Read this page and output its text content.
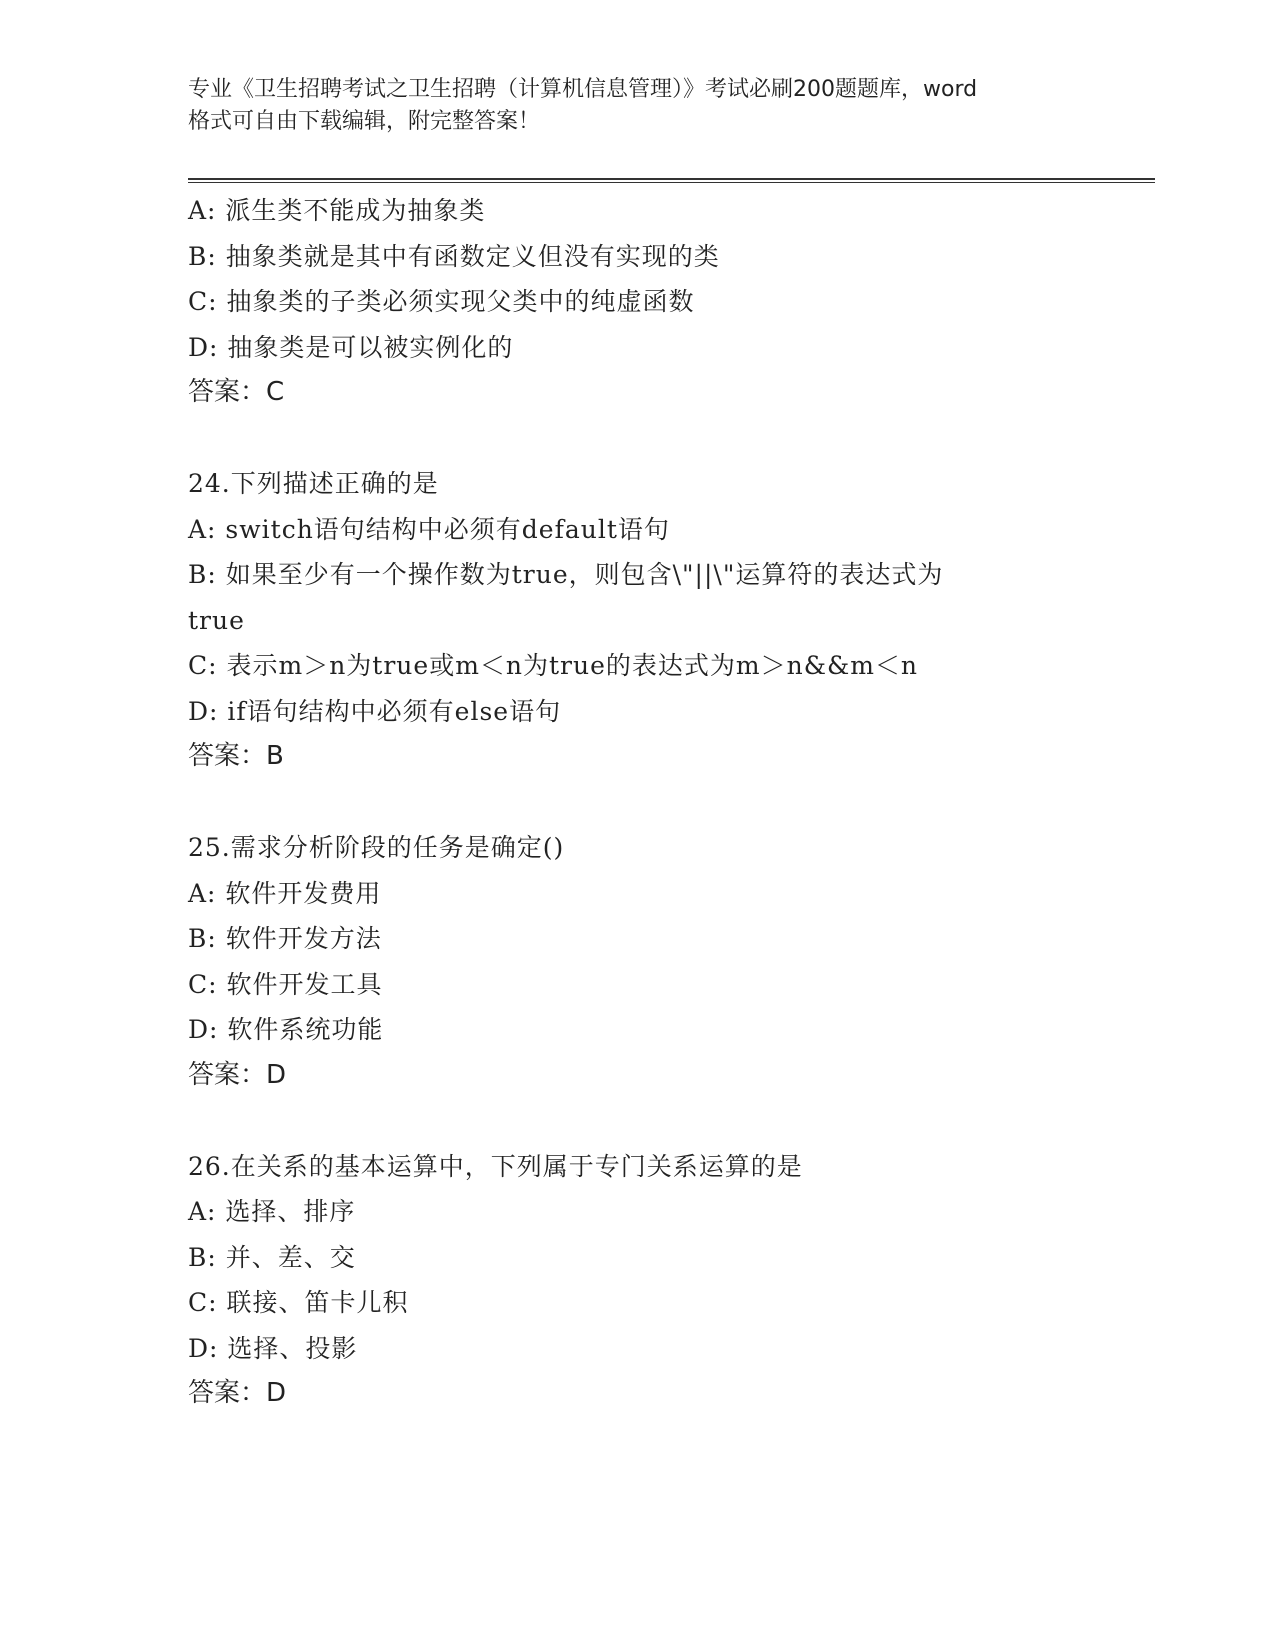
专业《卫生招聘考试之卫生招聘（计算机信息管理）》考试必刷200题题库，word
格式可自由下载编辑，附完整答案！
A: 派生类不能成为抽象类
B: 抽象类就是其中有函数定义但没有实现的类
C: 抽象类的子类必须实现父类中的纯虚函数
D: 抽象类是可以被实例化的
答案：C
24.下列描述正确的是
A: switch语句结构中必须有default语句
B: 如果至少有一个操作数为true，则包含\"||\"运算符的表达式为
true
C: 表示m＞n为true或m＜n为true的表达式为m＞n&&m＜n
D: if语句结构中必须有else语句
答案：B
25.需求分析阶段的任务是确定()
A: 软件开发费用
B: 软件开发方法
C: 软件开发工具
D: 软件系统功能
答案：D
26.在关系的基本运算中，下列属于专门关系运算的是
A: 选择、排序
B: 并、差、交
C: 联接、笛卡儿积
D: 选择、投影
答案：D
